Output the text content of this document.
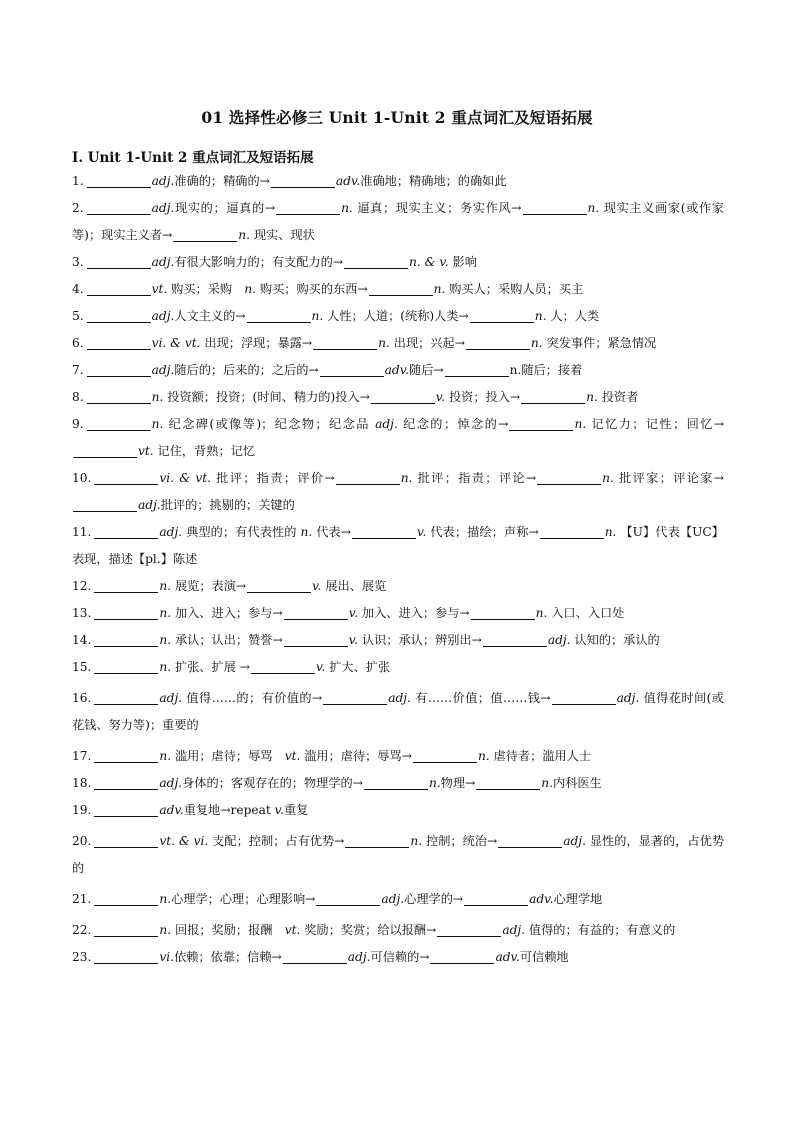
01 选择性必修三 Unit 1-Unit 2 重点词汇及短语拓展
I. Unit 1-Unit 2 重点词汇及短语拓展
1.	adj.准确的；精确的→	adv.准确地；精确地；的确如此
2.	adj.现实的；逼真的→	n. 逼真；现实主义；务实作风→	n. 现实主义画家(或作家等)；现实主义者→	n. 现实、现状
3.	adj.有很大影响力的；有支配力的→	n. & v. 影响
4.	vt. 购买；采购　n. 购买；购买的东西→	n. 购买人；采购人员；买主
5.	adj.人文主义的→	n. 人性；人道；(统称)人类→	n. 人；人类
6.	vi. & vt. 出现；浮现；暴露→	n. 出现；兴起→	n. 突发事件；紧急情况
7.	adj.随后的；后来的；之后的→	adv.随后→	n.随后；接着
8.	n. 投资额；投资；(时间、精力的)投入→	v. 投资；投入→	n. 投资者
9.	n. 纪念碑(或像等)；纪念物；纪念品 adj. 纪念的；悼念的→	n. 记忆力；记性；回忆→vt. 记住，背熟；记忆
10.	vi. & vt. 批评；指责；评价→	n. 批评；指责；评论→	n. 批评家；评论家→adj.批评的；挑剔的；关键的
11.	adj. 典型的；有代表性的 n. 代表→	v. 代表；描绘；声称→	n. 【U】代表【UC】表现，描述【pl.】陈述
12.	n. 展览；表演→	v. 展出、展览
13.	n. 加入、进入；参与→	v. 加入、进入；参与→	n. 入口、入口处
14.	n. 承认；认出；赞誉→	v. 认识；承认；辨别出→	adj. 认知的；承认的
15.	n. 扩张、扩展 →	v. 扩大、扩张
16.	adj. 值得……的；有价值的→	adj. 有……价值；值……钱→	adj. 值得花时间(或花钱、努力等)；重要的
17.	n. 滥用；虐待；辱骂　vt. 滥用；虐待；辱骂→	n. 虐待者；滥用人士
18.	adj.身体的；客观存在的；物理学的→	n.物理→	n.内科医生
19.	adv.重复地→repeat v.重复
20.	vt. & vi. 支配；控制；占有优势→	n. 控制；统治→	adj. 显性的，显著的，占优势的
21.	n.心理学；心理；心理影响→	adj.心理学的→	adv.心理学地
22.	n. 回报；奖励；报酬　vt. 奖励；奖赏；给以报酬→	adj. 值得的；有益的；有意义的
23.	vi.依赖；依靠；信赖→	adj.可信赖的→	adv.可信赖地
